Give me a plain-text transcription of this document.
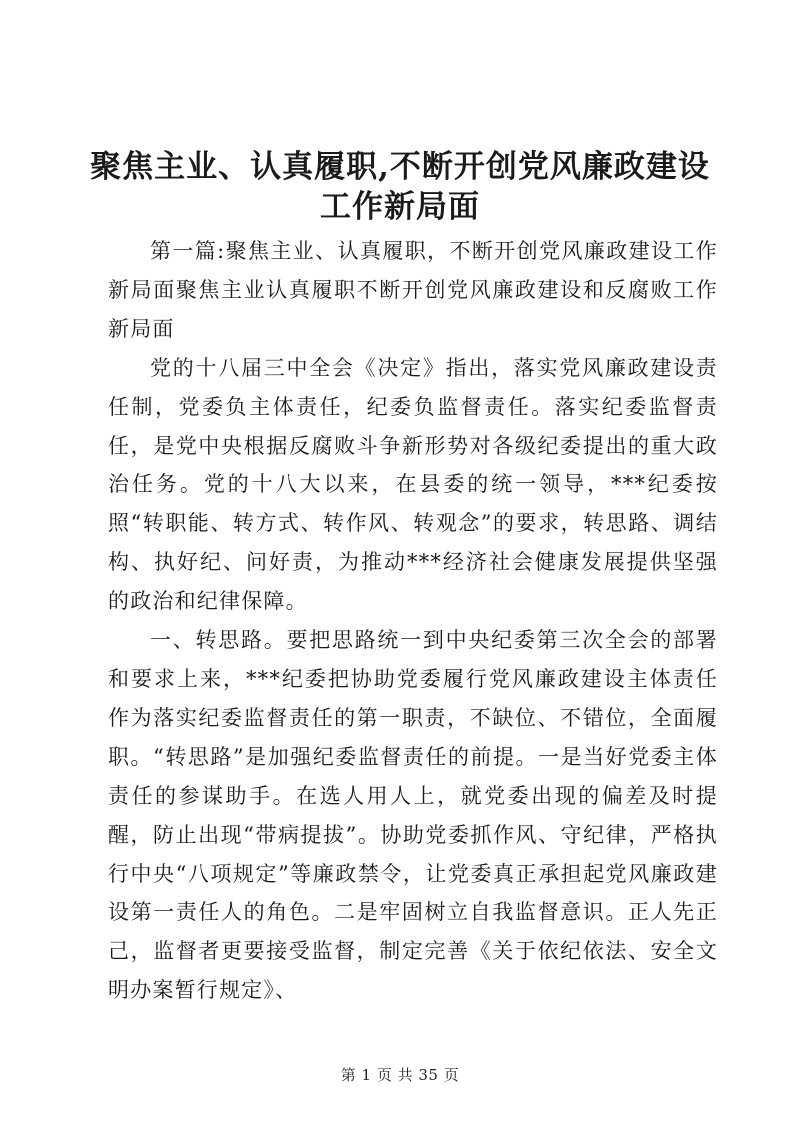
聚焦主业、认真履职,不断开创党风廉政建设
工作新局面

第一篇:聚焦主业、认真履职，不断开创党风廉政建设工作新局面聚焦主业认真履职不断开创党风廉政建设和反腐败工作新局面

党的十八届三中全会《决定》指出，落实党风廉政建设责任制，党委负主体责任，纪委负监督责任。落实纪委监督责任，是党中央根据反腐败斗争新形势对各级纪委提出的重大政治任务。党的十八大以来，在县委的统一领导，***纪委按照“转职能、转方式、转作风、转观念”的要求，转思路、调结构、执好纪、问好责，为推动***经济社会健康发展提供坚强的政治和纪律保障。

一、转思路。要把思路统一到中央纪委第三次全会的部署和要求上来，***纪委把协助党委履行党风廉政建设主体责任作为落实纪委监督责任的第一职责，不缺位、不错位，全面履职。“转思路”是加强纪委监督责任的前提。一是当好党委主体责任的参谋助手。在选人用人上，就党委出现的偏差及时提醒，防止出现“带病提拔”。协助党委抓作风、守纪律，严格执行中央“八项规定”等廉政禁令，让党委真正承担起党风廉政建设第一责任人的角色。二是牢固树立自我监督意识。正人先正己，监督者更要接受监督，制定完善《关于依纪依法、安全文明办案暂行规定》、

第 1 页 共 35 页
